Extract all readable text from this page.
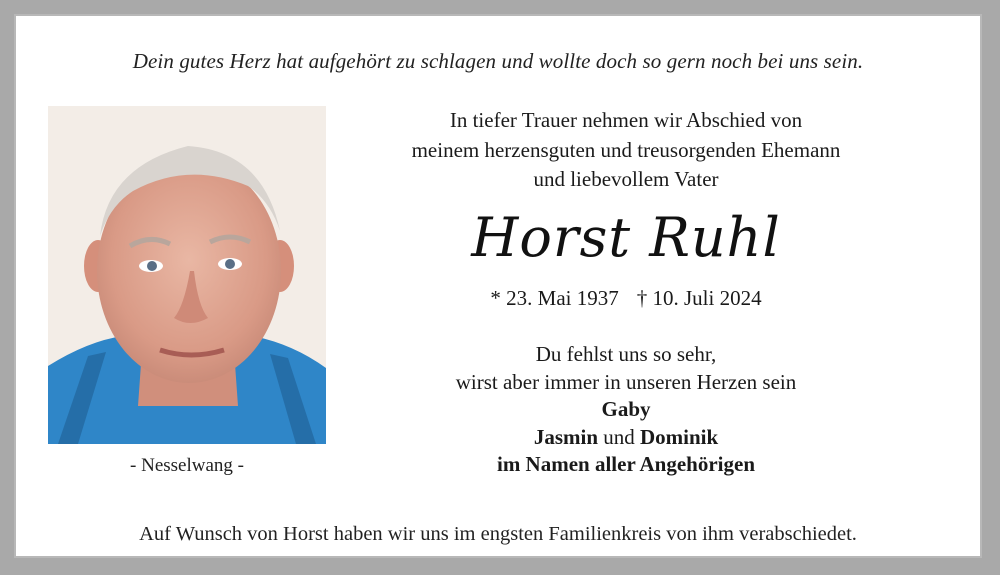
Dein gutes Herz hat aufgehört zu schlagen und wollte doch so gern noch bei uns sein.
- Nesselwang -
In tiefer Trauer nehmen wir Abschied von
meinem herzensguten und treusorgenden Ehemann
und liebevollem Vater
Horst Ruhl
* 23. Mai 1937 † 10. Juli 2024
Du fehlst uns so sehr,
wirst aber immer in unseren Herzen sein
Gaby
Jasmin und Dominik
im Namen aller Angehörigen
Auf Wunsch von Horst haben wir uns im engsten Familienkreis von ihm verabschiedet.
